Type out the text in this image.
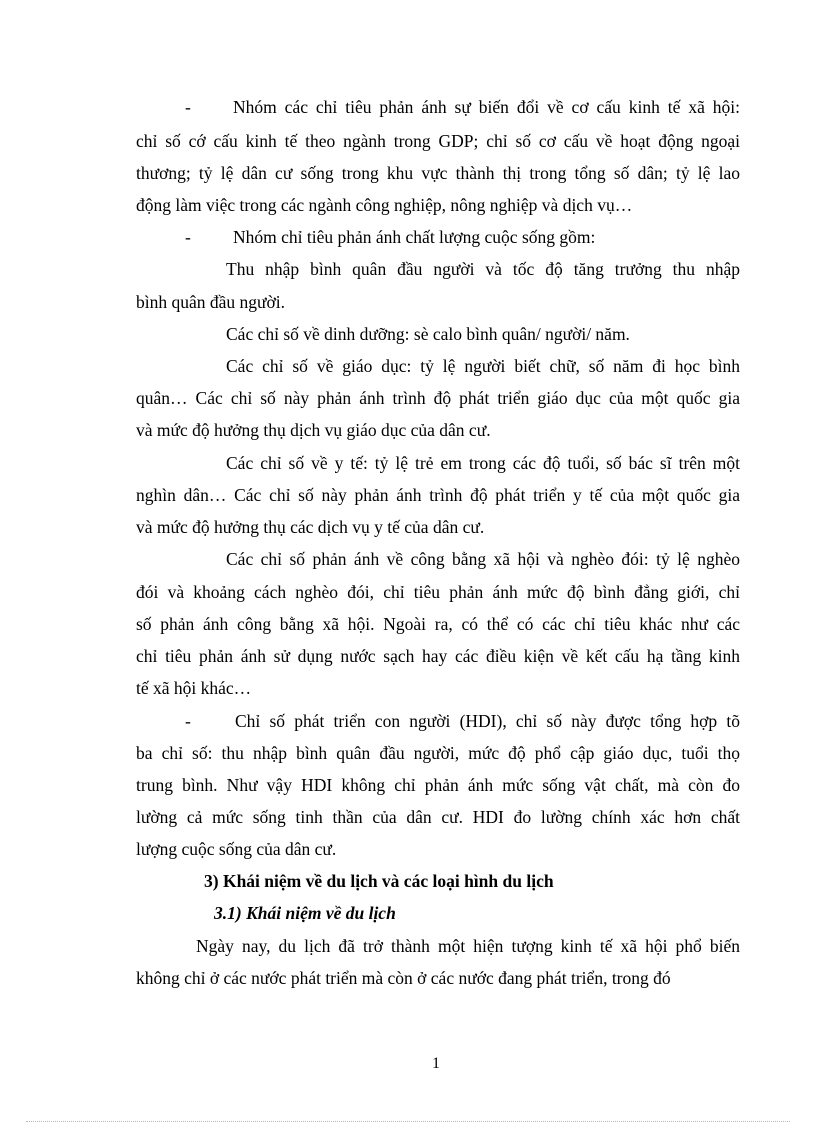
- Nhóm các chỉ tiêu phản ánh sự biến đổi về cơ cấu kinh tế xã hội:
chỉ số cớ cấu kinh tế theo ngành trong GDP; chỉ số cơ cấu về hoạt động ngoại
thương; tỷ lệ dân cư sống trong khu vực thành thị trong tổng số dân; tỷ lệ lao
động làm việc trong các ngành công nghiệp, nông nghiệp và dịch vụ…
- Nhóm chỉ tiêu phản ánh chất lượng cuộc sống gồm:
Thu nhập bình quân đầu người và tốc độ tăng trưởng thu nhập
bình quân đầu người.
Các chỉ số về dinh dưỡng: sè calo bình quân/ người/ năm.
Các chỉ số về giáo dục: tỷ lệ người biết chữ, số năm đi học bình
quân… Các chỉ số này phản ánh trình độ phát triển giáo dục của một quốc gia
và mức độ hưởng thụ dịch vụ giáo dục của dân cư.
Các chỉ số về y tế: tỷ lệ trẻ em trong các độ tuổi, số bác sĩ trên một
nghìn dân… Các chỉ số này phản ánh trình độ phát triển y tế của một quốc gia
và mức độ hưởng thụ các dịch vụ y tế của dân cư.
Các chỉ số phản ánh về công bằng xã hội và nghèo đói: tỷ lệ nghèo
đói và khoảng cách nghèo đói, chỉ tiêu phản ánh mức độ bình đẳng giới, chỉ
số phản ánh công bằng xã hội. Ngoài ra, có thể có các chỉ tiêu khác như các
chỉ tiêu phản ánh sử dụng nước sạch hay các điều kiện về kết cấu hạ tầng kinh
tế xã hội khác…
-	Chỉ số phát triển con người (HDI), chỉ số này được tổng hợp tõ
ba chỉ số: thu nhập bình quân đầu người, mức độ phổ cập giáo dục, tuổi thọ
trung bình. Như vậy HDI không chỉ phản ánh mức sống vật chất, mà còn đo
lường cả mức sống tinh thần của dân cư. HDI đo lường chính xác hơn chất
lượng cuộc sống của dân cư.
3) Khái niệm về du lịch và các loại hình du lịch
3.1) Khái niệm về du lịch
Ngày nay, du lịch đã trở thành một hiện tượng kinh tế xã hội phổ biến
không chỉ ở các nước phát triển mà còn ở các nước đang phát triển, trong đó
1
